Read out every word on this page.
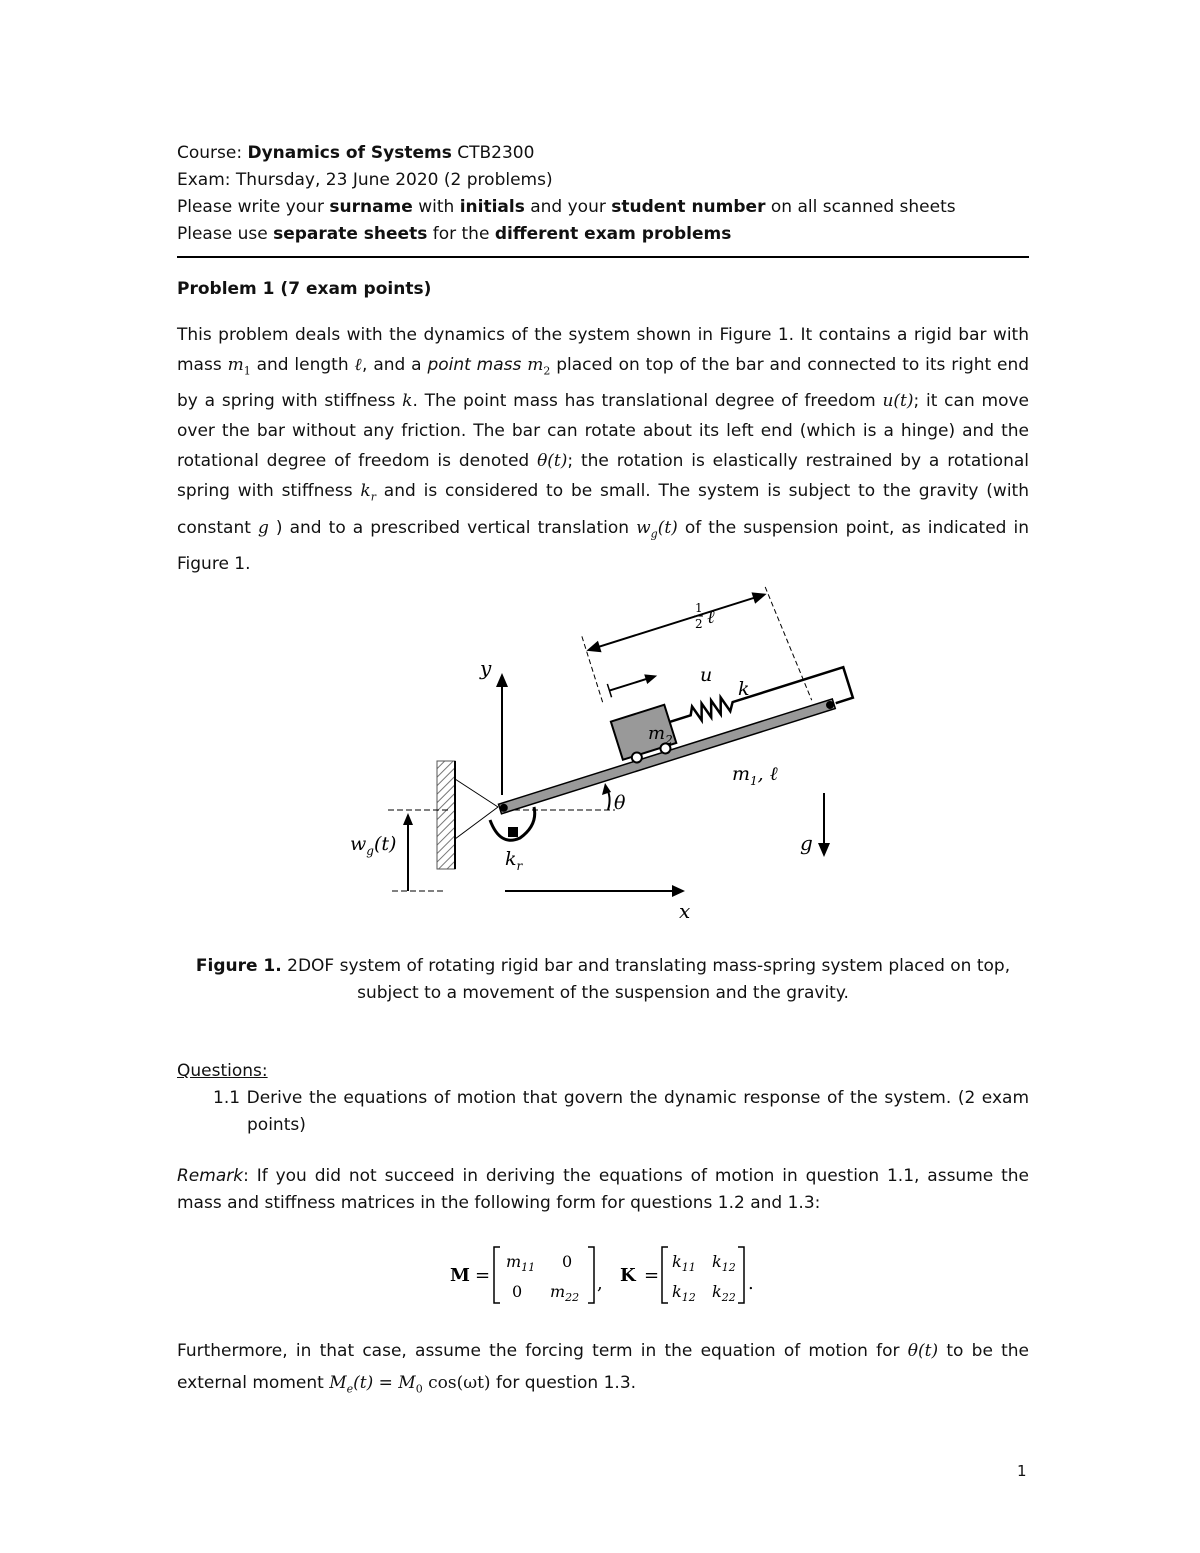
Course: Dynamics of Systems CTB2300

Exam: Thursday, 23 June 2020 (2 problems)

Please write your surname with initials and your student number on all scanned sheets

Please use separate sheets for the different exam problems

Problem 1 (7 exam points)

This problem deals with the dynamics of the system shown in Figure 1. It contains a rigid bar with mass $m_1$ and length ℓ, and a point mass $m_2$ placed on top of the bar and connected to its right end by a spring with stiffness k. The point mass has translational degree of freedom u(t); it can move over the bar without any friction. The bar can rotate about its left end (which is a hinge) and the rotational degree of freedom is denoted θ(t); the rotation is elastically restrained by a rotational spring with stiffness $k_r$ and is considered to be small. The system is subject to the gravity (with constant g ) and to a prescribed vertical translation $w_g(t)$ of the suspension point, as indicated in Figure 1.

$w_g(t)$
y
x
$k_r$
$m_2$
u
k
$m_1$, ℓ
1
2 ℓ
θ
g
Figure 1. 2DOF system of rotating rigid bar and translating mass-spring system placed on top,
subject to a movement of the suspension and the gravity.

Questions:

1.1 Derive the equations of motion that govern the dynamic response of the system. (2 exam points)

Remark: If you did not succeed in deriving the equations of motion in question 1.1, assume the mass and stiffness matrices in the following form for questions 1.2 and 1.3:

M =
$m_{11}$ 0
0 $m_{22}$
, K =
$k_{11}$ $k_{12}$
$k_{12}$ $k_{22}$
.
Furthermore, in that case, assume the forcing term in the equation of motion for θ(t) to be the external moment $M_e(t) = M_0$ cos(ωt) for question 1.3.
1
